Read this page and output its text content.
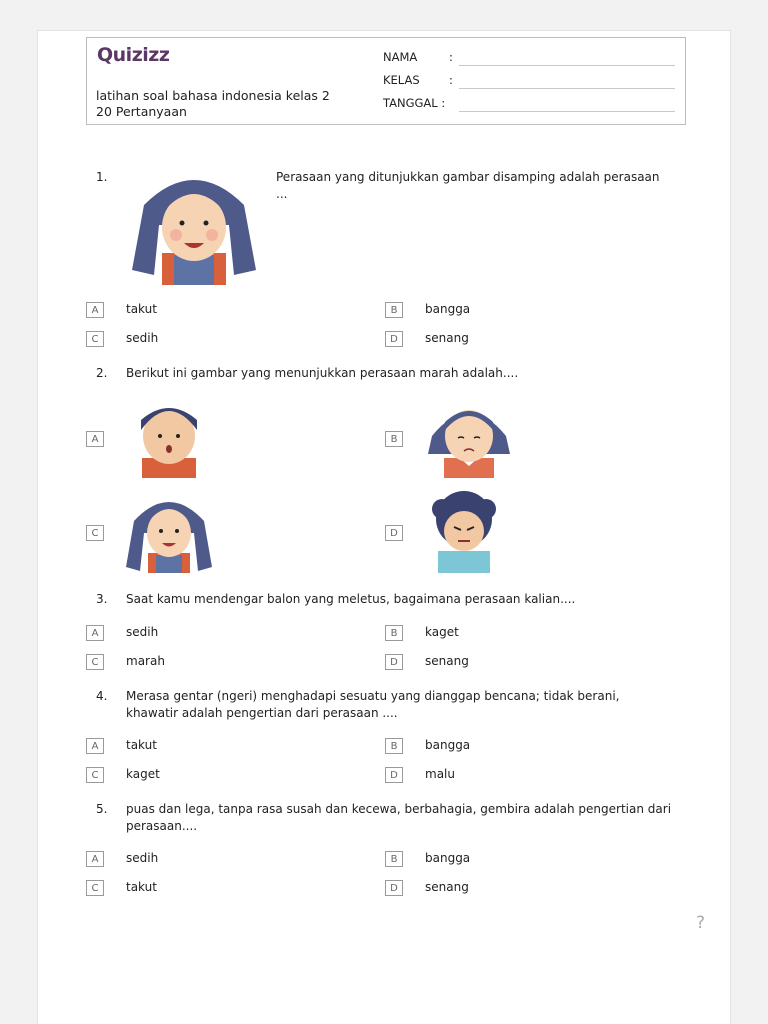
Quizizz
latihan soal bahasa indonesia kelas 2
20 Pertanyaan
NAMA	:
KELAS	:
TANGGAL :
1.	Perasaan yang ditunjukkan gambar disamping adalah perasaan
...
A	takut	B	bangga
C	sedih	D	senang
2. Berikut ini gambar yang menunjukkan perasaan marah adalah....
A	B
C	D
3. Saat kamu mendengar balon yang meletus, bagaimana perasaan kalian....
A	sedih	B	kaget
C	marah	D	senang
4. Merasa gentar (ngeri) menghadapi sesuatu yang dianggap bencana; tidak berani,
khawatir adalah pengertian dari perasaan ....
A	takut	B	bangga
C	kaget	D	malu
5. puas dan lega, tanpa rasa susah dan kecewa, berbahagia, gembira adalah pengertian dari
perasaan....
A	sedih	B	bangga
C	takut	D	senang
?
